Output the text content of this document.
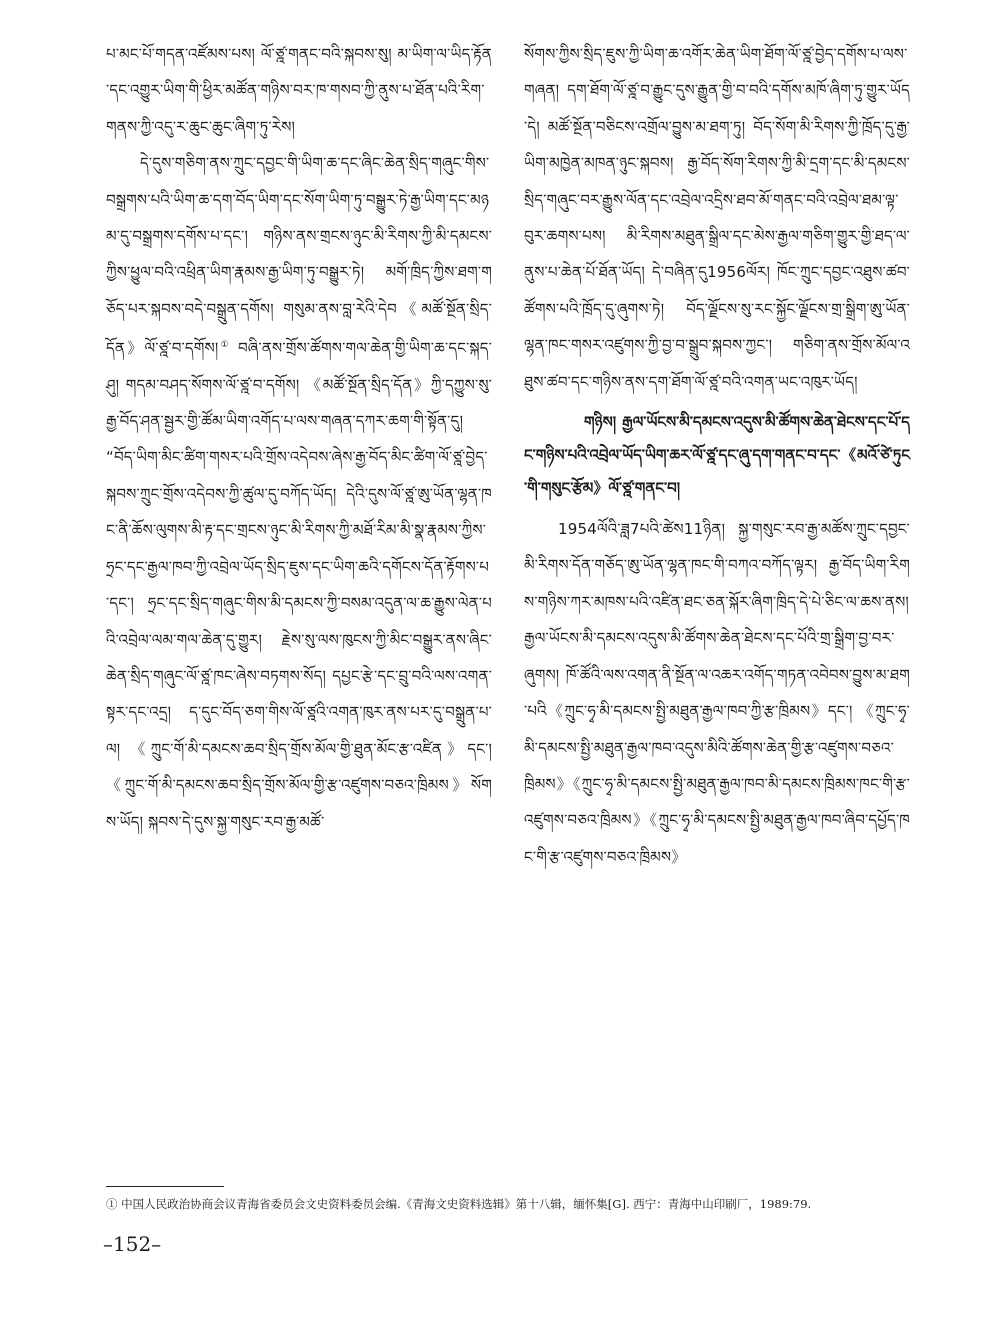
པ་མང་པོ་གདན་འཛོམས་པས། ལོ་ཙྰ་གནང་བའི་སྐབས་སུ། མ་ཡིག་ལ་ཡིད་རྟོན་དང་འགྱུར་ཡིག་གི་ཕྱིར་མཚོན་གཉིས་བར་ཁ་གསབ་ཀྱི་ནུས་པ་ཐོན་པའི་རིག་གནས་ཀྱི་འདུ་ར་ཆུང་ཆུང་ཞིག་ཏུ་རེས།

དེ་དུས་གཅིག་ནས་ཀྲུང་དབྱང་གི་ཡིག་ཆ་དང་ཞིང་ཆེན་སྲིད་གཞུང་གིས་བསྒྲགས་པའི་ཡིག་ཆ་དག་བོད་ཡིག་དང་སོག་ཡིག་ཏུ་བསྒྱུར་ཏེ་རྒྱ་ཡིག་དང་མཉམ་དུ་བསྒྲགས་དགོས་པ་དང་། གཉིས་ནས་གྲངས་ཉུང་མི་རིགས་ཀྱི་མི་དམངས་ཀྱིས་ཕྱུལ་བའི་འཕྲིན་ཡིག་རྣམས་རྒྱ་ཡིག་ཏུ་བསྒྱུར་ཏེ། མགོ་ཁྲིད་ཀྱིས་ཐག་གཅོད་པར་སྐབས་བདེ་བསྒྲུན་དགོས། གསུམ་ནས་བླ་རེའི་དེབ《མཚོ་སྔོན་སྲིད་དོན》ལོ་ཙྰ་བ་དགོས།① བཞི་ནས་གྲོས་ཚོགས་གལ་ཆེན་གྱི་ཡིག་ཆ་དང་སྐད་ཤུ། གདམ་བཤད་སོགས་ལོ་ཙྰ་བ་དགོས། 《མཚོ་སྔོན་སྲིད་དོན》ཀྱི་དཀྱུས་སུ་རྒྱ་བོད་ཤན་སྦྱར་གྱི་ཚོམ་ཡིག་འགོད་པ་ལས་གཞན་དཀར་ཆག་གི་སྟོན་དུ། “བོད་ཡིག་མིང་ཚིག་གསར་པའི་གྲོས་འདེབས་ཞེས་རྒྱ་བོད་མིང་ཚིག་ལོ་ཙྰ་བྱེད་སྐབས་ཀྲུང་གྲོས་འདེབས་ཀྱི་ཚུལ་དུ་བཀོད་ཡོད། དེའི་དུས་ལོ་ཙྰ་ཨུ་ཡོན་ལྷན་ཁང་ནི་ཆོས་ལུགས་མི་རྟ་དང་གྲངས་ཉུང་མི་རིགས་ཀྱི་མཐོ་རིམ་མི་སྣ་རྣམས་ཀྱིས་ཧྲང་དང་རྒྱལ་ཁབ་ཀྱི་འབྲེལ་ཡོད་སྲིད་ཇུས་དང་ཡིག་ཆའི་དགོངས་དོན་རྟོགས་པ་དང་། ཧྲང་དང་སྲིད་གཞུང་གིས་མི་དམངས་ཀྱི་བསམ་འདུན་ལ་ཆ་རྒྱུས་ལེན་པའི་འབྲེལ་ལམ་གལ་ཆེན་དུ་གྱུར། རྗེས་སུ་ལས་ཁུངས་ཀྱི་མིང་བསྒྱུར་ནས་ཞིང་ཆེན་སྲིད་གཞུང་ལོ་ཙྰ་ཁང་ཞེས་བཏགས་སོད། དཔྱང་རྩེ་དང་བྲུ་བའི་ལས་འགན་སྟར་དང་འདྲ། ད་དུང་བོད་ཅག་གིས་ལོ་ཙྰའི་འགན་ཁུར་ནས་པར་དུ་བསྒྲུན་པ་ལ། 《ཀྲུང་གོ་མི་དམངས་ཆབ་སྲིད་གྲོས་མོལ་གྱི་ཐུན་མོང་རྩ་འཛིན》དང་། 《ཀྲུང་གོ་མི་དམངས་ཆབ་སྲིད་གྲོས་མོལ་གྱི་རྩ་འཛུགས་བཅའ་ཁྲིམས》སོགས་ཡོད། སྐབས་དེ་དུས་སྐྱ་གསུང་རབ་རྒྱ་མཚོ་

སོགས་ཀྱིས་སྲིད་ཇུས་ཀྱི་ཡིག་ཆ་འགོར་ཆེན་ཡིག་ཐོག་ལོ་ཙྰ་བྱེད་དགོས་པ་ལས་གཞན། དག་ཐོག་ལོ་ཙྰ་བ་རྒྱུང་དུས་རྒྱུན་གྱི་བ་བའི་དགོས་མཁོ་ཞིག་ཏུ་གྱུར་ཡོད་དེ། མཚོ་སྔོན་བཅིངས་འགྲོལ་བྱུས་མ་ཐག་ཏུ། བོད་སོག་མི་རིགས་ཀྱི་ཁྲོད་དུ་རྒྱ་ཡིག་མཁྱེན་མཁན་ཉུང་སྐབས། རྒྱ་བོད་སོག་རིགས་ཀྱི་མི་དྲག་དང་མི་དམངས་སྲིད་གཞུང་བར་རྒྱུས་ལོན་དང་འབྲེལ་འདྲིས་ཐབ་མོ་གནང་བའི་འབྲེལ་ཐམ་ལྟ་བུར་ཆགས་པས། མི་རིགས་མཐུན་སྒྲིལ་དང་མེས་རྒྱལ་གཅིག་གྱུར་གྱི་ཐད་ལ་ནུས་པ་ཆེན་པོ་ཐོན་ཡོད། དེ་བཞིན་དུ1956ལོར། ཁོང་ཀྲུང་དབྱང་འཐུས་ཚབ་ཚོགས་པའི་ཁྲོད་དུ་ཞུགས་ཏེ། བོད་ལྗོངས་སུ་རང་སྐྱོང་ལྗོངས་གྲ་སྒྲིག་ཨུ་ཡོན་ལྷན་ཁང་གསར་འཛུགས་ཀྱི་བྱ་བ་སྒྲུབ་སྐབས་ཀྱང་། གཅིག་ནས་གྲོས་མོལ་འཐུས་ཚབ་དང་གཉིས་ནས་དག་ཐོག་ལོ་ཙྰ་བའི་འགན་ཡང་འཁུར་ཡོད།

གཉིས། རྒྱལ་ཡོངས་མི་དམངས་འདུས་མི་ཚོགས་ཆེན་ཐེངས་དང་པོ་དང་གཉིས་པའི་འབྲེལ་ཡོད་ཡིག་ཆར་ལོ་ཙྰ་དང་ཞུ་དག་གནང་བ་དང་《མའོ་ཙེ་ཏུང་གི་གསུང་རྩོམ》ལོ་ཙྰ་གནང་བ།

1954ལོའི་ཟླ7པའི་ཚེས11ཉིན། སྐྱ་གསུང་རབ་རྒྱ་མཚོས་ཀྲུང་དབྱང་མི་རིགས་དོན་གཅོད་ཨུ་ཡོན་ལྷན་ཁང་གི་བཀའ་བཀོད་ལྟར། རྒྱ་བོད་ཡིག་རིགས་གཉིས་ཀར་མཁས་པའི་འཛིན་ཐང་ཅན་སྐོར་ཞིག་ཁྲིད་དེ་པེ་ཅིང་ལ་ཆས་ནས། རྒྱལ་ཡོངས་མི་དམངས་འདུས་མི་ཚོགས་ཆེན་ཐེངས་དང་པོའི་གྲ་སྒྲིག་བྱ་བར་ཞུགས། ཁོ་ཚོའི་ལས་འགན་ནི་སྔོན་ལ་འཆར་འགོད་གཏན་འབེབས་བྱུས་མ་ཐག་པའི《ཀྲུང་ཧྭ་མི་དམངས་སྤྱི་མཐུན་རྒྱལ་ཁབ་ཀྱི་རྩ་ཁྲིམས》དང་། 《ཀྲུང་ཧྭ་མི་དམངས་སྤྱི་མཐུན་རྒྱལ་ཁབ་འདུས་མིའི་ཚོགས་ཆེན་གྱི་རྩ་འཛུགས་བཅའ་ཁྲིམས》《ཀྲུང་ཧྭ་མི་དམངས་སྤྱི་མཐུན་རྒྱལ་ཁབ་མི་དམངས་ཁྲིམས་ཁང་གི་རྩ་འཛུགས་བཅའ་ཁྲིམས》《ཀྲུང་ཧྭ་མི་དམངས་སྤྱི་མཐུན་རྒྱལ་ཁབ་ཞིབ་དཔྱོད་ཁང་གི་རྩ་འཛུགས་བཅའ་ཁྲིམས》

① 中国人民政治协商会议青海省委员会文史资料委员会编.《青海文史资料选辑》第十八辑，缅怀集[G]. 西宁：青海中山印刷厂，1989:79.
–152–
